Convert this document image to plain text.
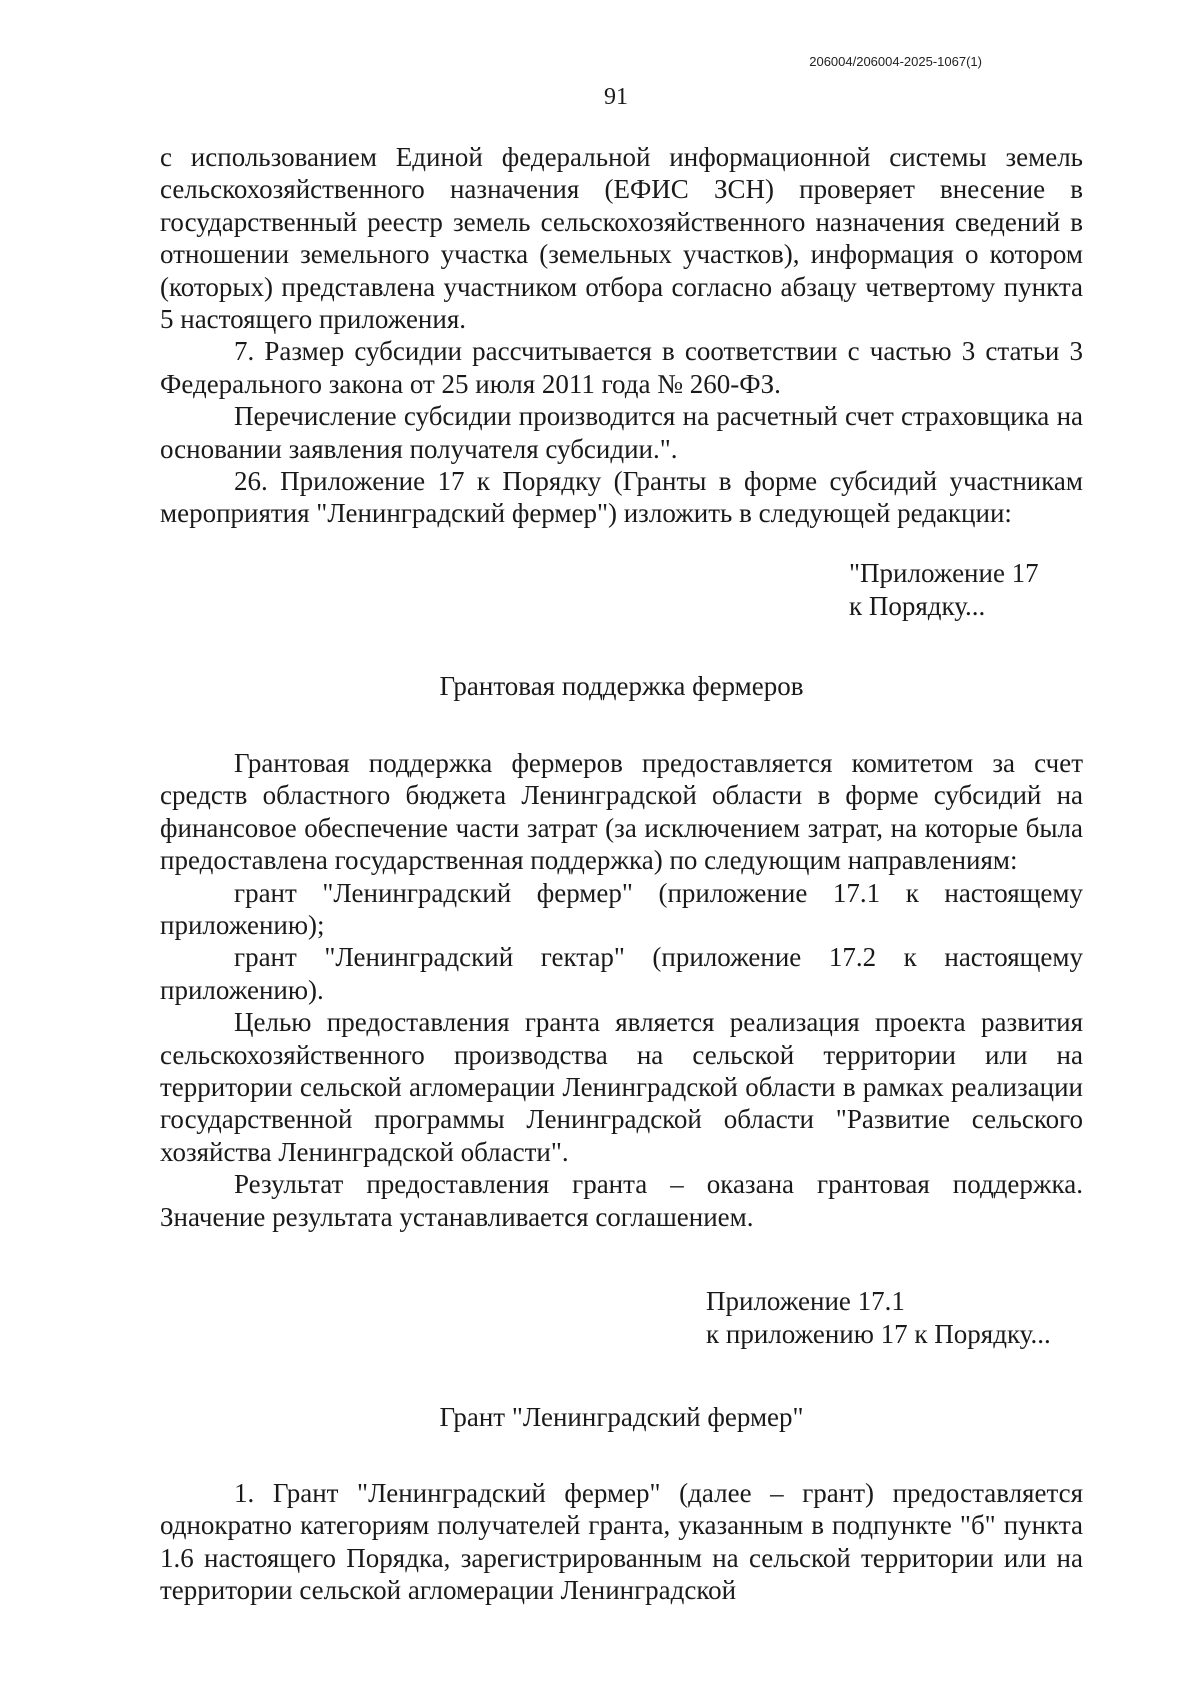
206004/206004-2025-1067(1)
91

с использованием Единой федеральной информационной системы земель сельскохозяйственного назначения (ЕФИС ЗСН) проверяет внесение в государственный реестр земель сельскохозяйственного назначения сведений в отношении земельного участка (земельных участков), информация о котором (которых) представлена участником отбора согласно абзацу четвертому пункта 5 настоящего приложения.

7. Размер субсидии рассчитывается в соответствии с частью 3 статьи 3 Федерального закона от 25 июля 2011 года № 260-ФЗ.

Перечисление субсидии производится на расчетный счет страховщика на основании заявления получателя субсидии.".

26. Приложение 17 к Порядку (Гранты в форме субсидий участникам мероприятия "Ленинградский фермер") изложить в следующей редакции:

"Приложение 17
к Порядку...
Грантовая поддержка фермеров

Грантовая поддержка фермеров предоставляется комитетом за счет средств областного бюджета Ленинградской области в форме субсидий на финансовое обеспечение части затрат (за исключением затрат, на которые была предоставлена государственная поддержка) по следующим направлениям:

грант "Ленинградский фермер" (приложение 17.1 к настоящему приложению);

грант "Ленинградский гектар" (приложение 17.2 к настоящему приложению).

Целью предоставления гранта является реализация проекта развития сельскохозяйственного производства на сельской территории или на территории сельской агломерации Ленинградской области в рамках реализации государственной программы Ленинградской области "Развитие сельского хозяйства Ленинградской области".

Результат предоставления гранта – оказана грантовая поддержка. Значение результата устанавливается соглашением.

Приложение 17.1
к приложению 17 к Порядку...
Грант "Ленинградский фермер"

1. Грант "Ленинградский фермер" (далее – грант) предоставляется однократно категориям получателей гранта, указанным в подпункте "б" пункта 1.6 настоящего Порядка, зарегистрированным на сельской территории или на территории сельской агломерации Ленинградской
